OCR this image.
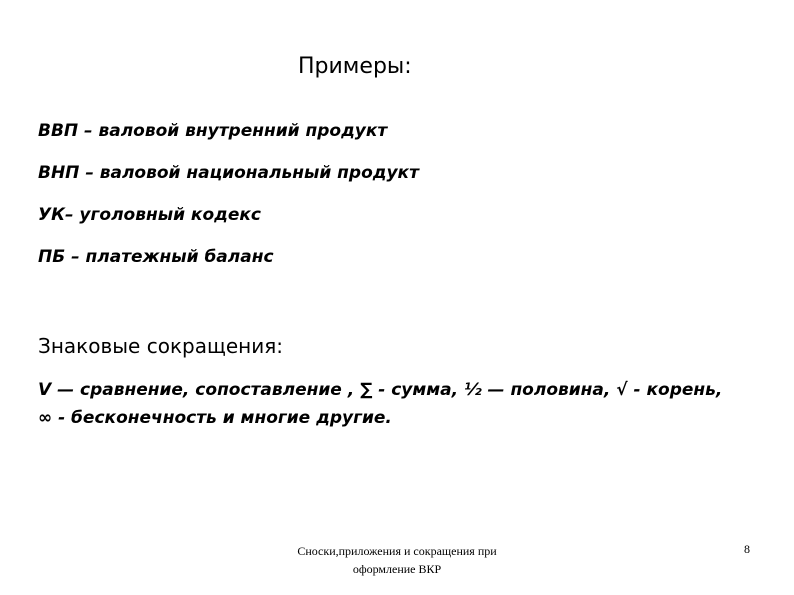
Примеры:
ВВП – валовой внутренний продукт
ВНП – валовой национальный продукт
УК– уголовный кодекс
ПБ – платежный баланс
Знаковые сокращения:
V — сравнение, сопоставление , ∑ - сумма, ½ — половина, √ - корень, ∞ - бесконечность и многие другие.
Сноски,приложения и сокращения при
оформление ВКР
8
